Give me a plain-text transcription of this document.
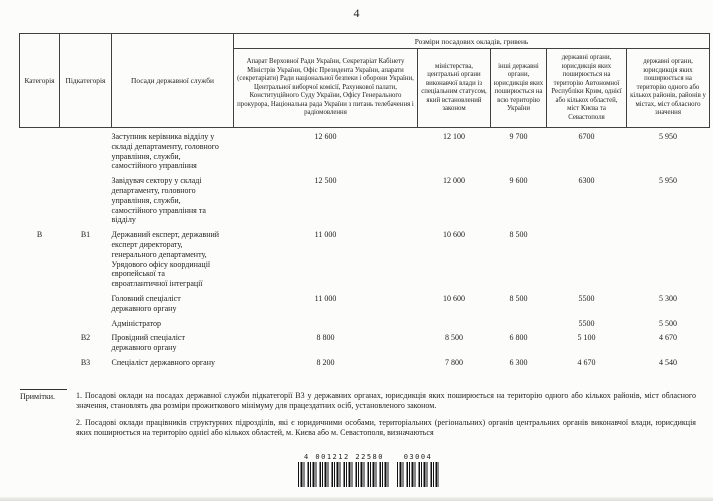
4
Категорія	Підкатегорія	Посади державної служби	Розміри посадових окладів, гривень				
			Апарат Верховної Ради України, Секретаріат Кабінету Міністрів України, Офіс Президента України, апарати (секретаріати) Ради національної безпеки і оборони України, Центральної виборчої комісії, Рахункової палати, Конституційного Суду України, Офісу Генерального прокурора, Національна рада України з питань телебачення і радіомовлення	міністерства, центральні органи виконавчої влади із спеціальним статусом, який встановлений законом	інші державні органи, юрисдикція яких поширюється на всю територію України	державні органи, юрисдикція яких поширюється на територію Автономної Республіки Крим, однієї або кількох областей, міст Києва та Севастополя	державні органи, юрисдикція яких поширюється на територію одного або кількох районів, районів у містах, міст обласного значення
		Заступник керівника відділу у складі департаменту, головного управління, служби, самостійного управління	12 600	12 100	9 700	6700	5 950
		Завідувач сектору у складі департаменту, головного управління, служби, самостійного управління та відділу	12 500	12 000	9 600	6300	5 950
В	В1	Державний експерт, державний експерт директорату, генерального департаменту, Урядового офісу координації європейської та євроатлантичної інтеграції	11 000	10 600	8 500		
		Головний спеціаліст державного органу	11 000	10 600	8 500	5500	5 300
		Адміністратор				5500	5 500
	В2	Провідний спеціаліст державного органу	8 800	8 500	6 800	5 100	4 670
	В3	Спеціаліст державного органу	8 200	7 800	6 300	4 670	4 540
Примітки.	1. Посадові оклади на посадах державної служби підкатегорії В3 у державних органах, юрисдикція яких поширюється на територію одного або кількох районів, міст обласного значення, становлять два розміри прожиткового мінімуму для працездатних осіб, установленого законом.

2. Посадові оклади працівників структурних підрозділів, які є юридичними особами, територіальних (регіональних) органів центральних органів виконавчої влади, юрисдикція яких поширюється на територію однієї або кількох областей, м. Києва або м. Севастополя, визначаються

4 001212 22580	03004
